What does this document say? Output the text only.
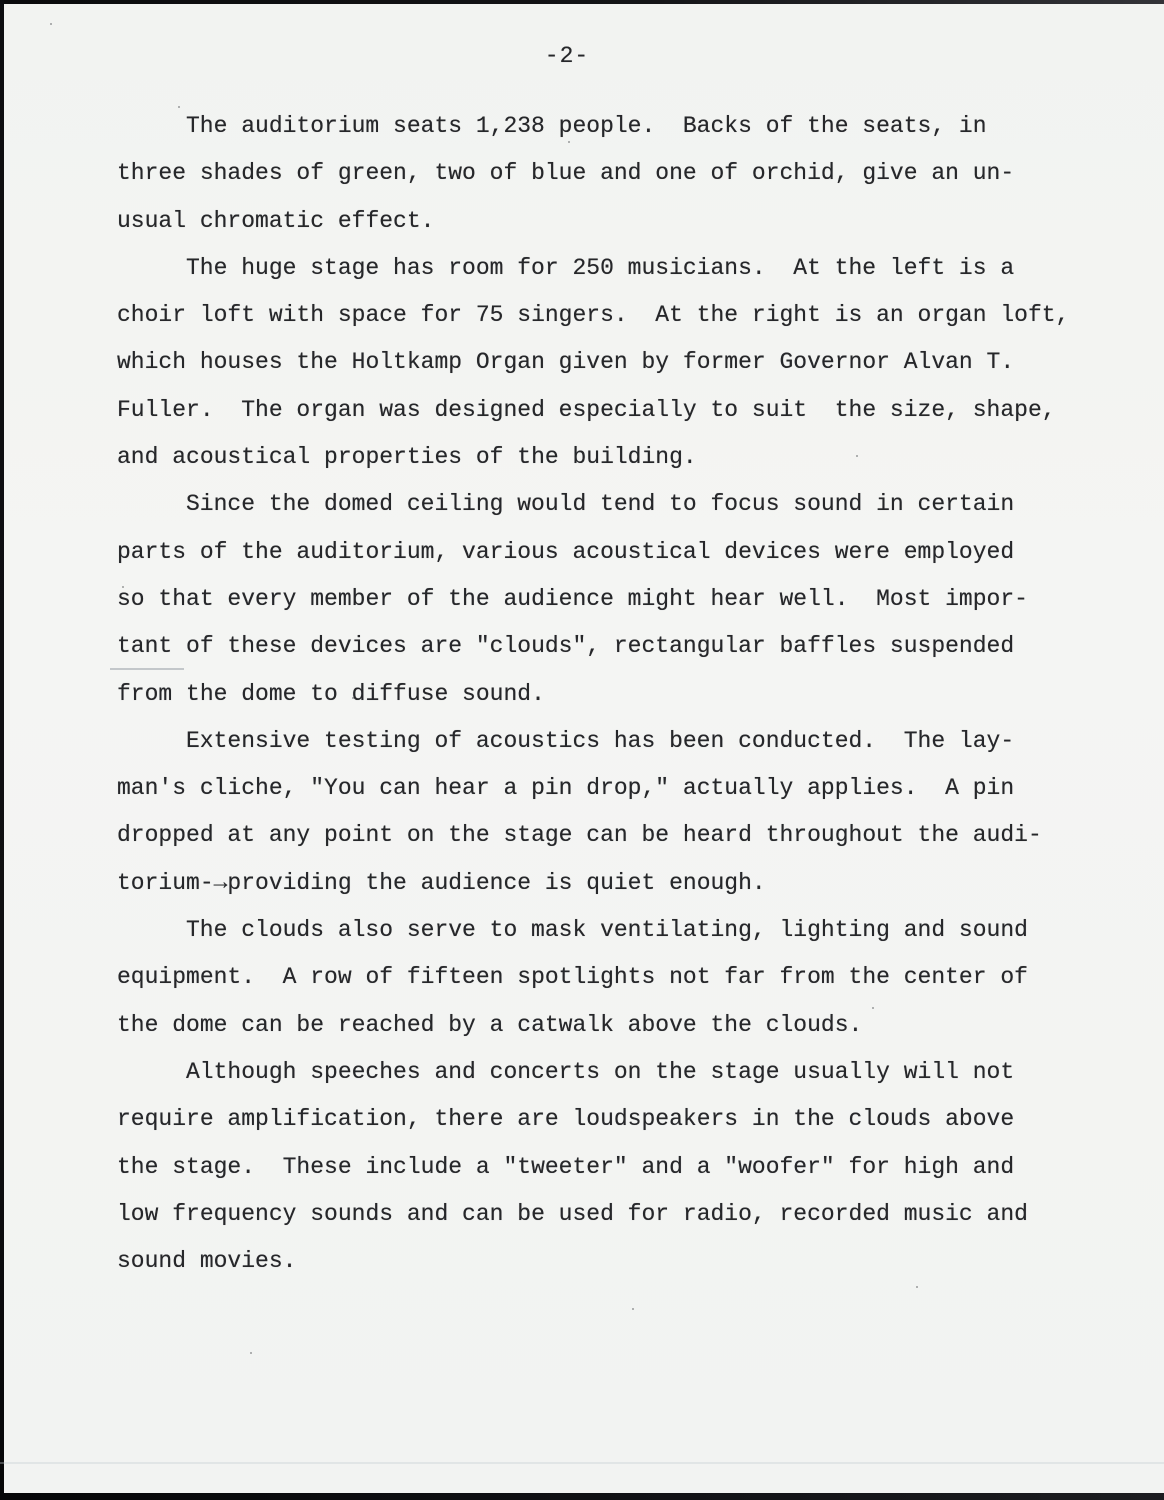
-2-
The auditorium seats 1,238 people.  Backs of the seats, in
three shades of green, two of blue and one of orchid, give an un-
usual chromatic effect.
The huge stage has room for 250 musicians.  At the left is a
choir loft with space for 75 singers.  At the right is an organ loft,
which houses the Holtkamp Organ given by former Governor Alvan T.
Fuller.  The organ was designed especially to suit  the size, shape,
and acoustical properties of the building.
Since the domed ceiling would tend to focus sound in certain
parts of the auditorium, various acoustical devices were employed
so that every member of the audience might hear well.  Most impor-
tant of these devices are "clouds", rectangular baffles suspended
from the dome to diffuse sound.
Extensive testing of acoustics has been conducted.  The lay-
man's cliche, "You can hear a pin drop," actually applies.  A pin
dropped at any point on the stage can be heard throughout the audi-
torium-→providing the audience is quiet enough.
The clouds also serve to mask ventilating, lighting and sound
equipment.  A row of fifteen spotlights not far from the center of
the dome can be reached by a catwalk above the clouds.
Although speeches and concerts on the stage usually will not
require amplification, there are loudspeakers in the clouds above
the stage.  These include a "tweeter" and a "woofer" for high and
low frequency sounds and can be used for radio, recorded music and
sound movies.
